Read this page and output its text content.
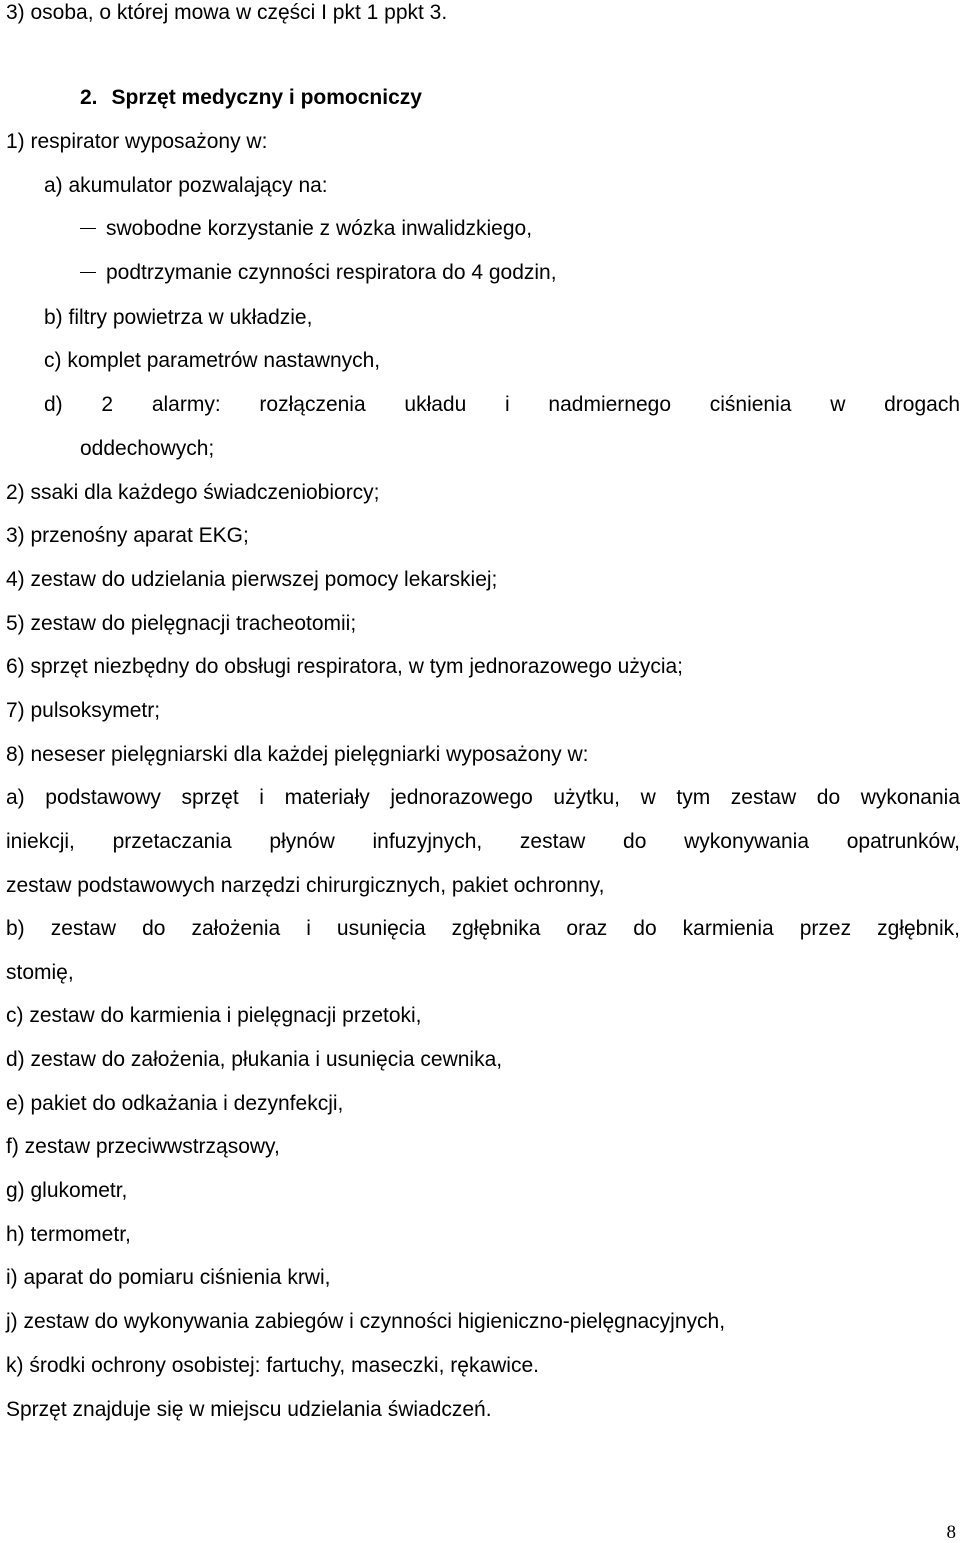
3) osoba, o której mowa w części I pkt 1 ppkt 3.
2. Sprzęt medyczny i pomocniczy
1) respirator wyposażony w:
a) akumulator pozwalający na:
swobodne korzystanie z wózka inwalidzkiego,
podtrzymanie czynności respiratora do 4 godzin,
b) filtry powietrza w układzie,
c) komplet parametrów nastawnych,
d) 2 alarmy: rozłączenia układu i nadmiernego ciśnienia w drogach
oddechowych;
2) ssaki dla każdego świadczeniobiorcy;
3) przenośny aparat EKG;
4) zestaw do udzielania pierwszej pomocy lekarskiej;
5) zestaw do pielęgnacji tracheotomii;
6) sprzęt niezbędny do obsługi respiratora, w tym jednorazowego użycia;
7) pulsoksymetr;
8) neseser pielęgniarski dla każdej pielęgniarki wyposażony w:
a) podstawowy sprzęt i materiały jednorazowego użytku, w tym zestaw do wykonania
iniekcji, przetaczania płynów infuzyjnych, zestaw do wykonywania opatrunków,
zestaw podstawowych narzędzi chirurgicznych, pakiet ochronny,
b) zestaw do założenia i usunięcia zgłębnika oraz do karmienia przez zgłębnik,
stomię,
c) zestaw do karmienia i pielęgnacji przetoki,
d) zestaw do założenia, płukania i usunięcia cewnika,
e) pakiet do odkażania i dezynfekcji,
f) zestaw przeciwwstrząsowy,
g) glukometr,
h) termometr,
i) aparat do pomiaru ciśnienia krwi,
j) zestaw do wykonywania zabiegów i czynności higieniczno-pielęgnacyjnych,
k) środki ochrony osobistej: fartuchy, maseczki, rękawice.
Sprzęt znajduje się w miejscu udzielania świadczeń.
8
